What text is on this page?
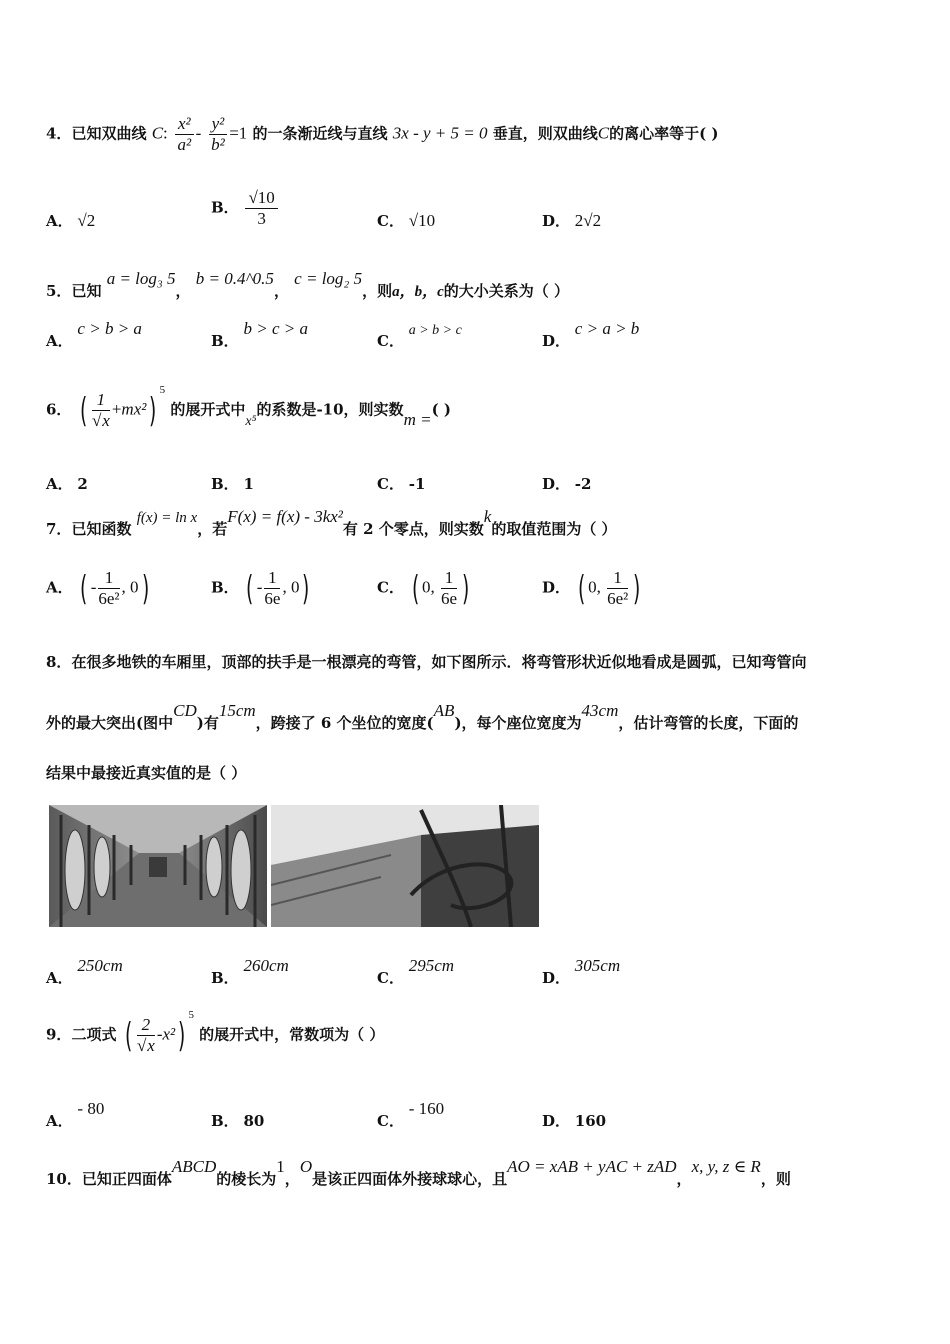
4．已知双曲线 C: $\frac{\text{x²}}{\text{a²}} - \frac{\text{y²}}{\text{b²}} =1$ 的一条渐近线与直线 3x - y + 5 = 0 垂直，则双曲线C的离心率等于( )
A． √2
B． $\frac{√10}{3}$	C． √10	D． 2√2
5．已知 a = log₃ 5， b = 0.4^0.5， c = log₂ 5，则a，b，c的大小关系为（ ）
A． c > b > a
B． b > c > a
C． a > b > c
D． c > a > b
6． ( $\frac{1}{√x} +mx^2)^5$ 的展开式中x⁵的系数是-10，则实数m =( )
A． 2	B． 1	C． -1	D． -2
7．已知函数 f(x) = ln x，若F(x) = f(x) - 3kx²有 2 个零点，则实数k的取值范围为（ ）
A． ( - $\frac{1}{\text{6e²}}$ , 0)	B． ( - $\frac{1}{6e}$ , 0)	C． ( 0, $\frac{1}{6e}$ )	D． ( 0, $\frac{1}{\text{6e²}}$ )
8．在很多地铁的车厢里，顶部的扶手是一根漂亮的弯管，如下图所示．将弯管形状近似地看成是圆弧，已知弯管向
外的最大突出(图中CD)有15cm，跨接了 6 个坐位的宽度(AB)，每个座位宽度为43cm，估计弯管的长度，下面的
结果中最接近真实值的是（ ）
A． 250cm
B． 260cm
C． 295cm
D． 305cm
9．二项式 ( $\frac{2}{√x} -x^2)^5$ 的展开式中，常数项为（ ）
A． - 80
B． 80	C． - 160
D． 160
10．已知正四面体ABCD的棱长为1，O是该正四面体外接球球心，且AO = xAB + yAC + zAD，x, y, z ∈ R，则
